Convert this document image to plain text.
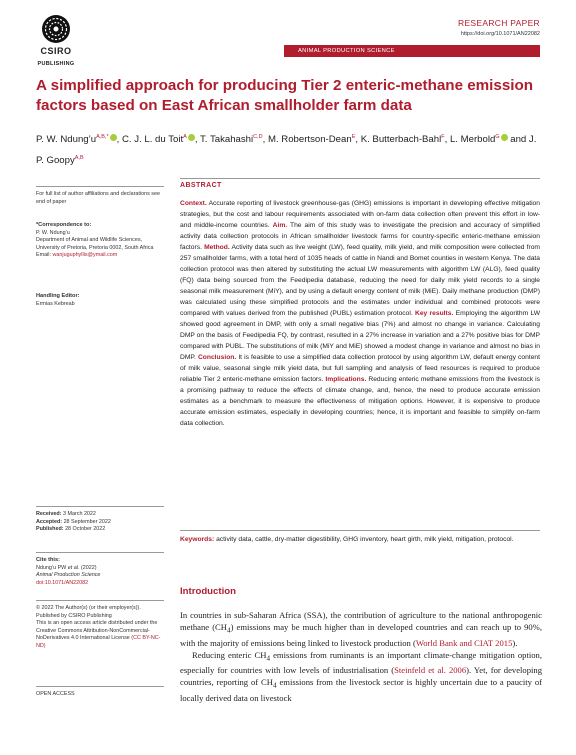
CSIRO
PUBLISHING
RESEARCH PAPER
https://doi.org/10.1071/AN22082
ANIMAL PRODUCTION SCIENCE
A simplified approach for producing Tier 2 enteric-methane emission factors based on East African smallholder farm data
P. W. $Ndung’u^{A,B,*}$ , C. J. L. du Toit$^A$ , T. Takahashi$^{C,D}$, M. Robertson-Dean$^E$, K. Butterbach-Bahl$^F$, L. Merbold$^G$ and J. P. Goopy$^{A,B}$
For full list of author affiliations and declarations see end of paper
*Correspondence to:
P. W. Ndung’u
Department of Animal and Wildlife Sciences, University of Pretoria, Pretoria 0002, South Africa
Email: wanjuguphyllis@ymail.com
Handling Editor:
Ermias Kebreab
Received: 3 March 2022
Accepted: 28 September 2022
Published: 28 October 2022
Cite this:
Ndung’u PW et al. (2022)
Animal Production Science
doi:10.1071/AN22082
© 2022 The Author(s) (or their employer(s)). Published by CSIRO Publishing
This is an open access article distributed under the Creative Commons Attribution-NonCommercial-NoDerivatives 4.0 International License (CC BY-NC-ND)
OPEN ACCESS
ABSTRACT
Context. Accurate reporting of livestock greenhouse-gas (GHG) emissions is important in developing effective mitigation strategies, but the cost and labour requirements associated with on-farm data collection often prevent this effort in low- and middle-income countries. Aim. The aim of this study was to investigate the precision and accuracy of simplified activity data collection protocols in African smallholder livestock farms for country-specific enteric-methane emission factors. Method. Activity data such as live weight (LW), feed quality, milk yield, and milk composition were collected from 257 smallholder farms, with a total herd of 1035 heads of cattle in Nandi and Bomet counties in western Kenya. The data collection protocol was then altered by substituting the actual LW measurements with algorithm LW (ALG), feed quality (FQ) data being sourced from the Feedipedia database, reducing the need for daily milk yield records to a single seasonal milk measurement (MiY), and by using a default energy content of milk (MiE). Daily methane production (DMP) was calculated using these simplified protocols and the estimates under individual and combined protocols were compared with values derived from the published (PUBL) estimation protocol. Key results. Employing the algorithm LW showed good agreement in DMP, with only a small negative bias (7%) and almost no change in variance. Calculating DMP on the basis of Feedipedia FQ, by contrast, resulted in a 27% increase in variation and a 27% positive bias for DMP compared with PUBL. The substitutions of milk (MiY and MiE) showed a modest change in variance and almost no bias in DMP. Conclusion. It is feasible to use a simplified data collection protocol by using algorithm LW, default energy content of milk value, seasonal single milk yield data, but full sampling and analysis of feed resources is required to produce reliable Tier 2 enteric-methane emission factors. Implications. Reducing enteric methane emissions from the livestock is a promising pathway to reduce the effects of climate change, and, hence, the need to produce accurate emission estimates as a benchmark to measure the effectiveness of mitigation options. However, it is expensive to produce accurate emission estimates, especially in developing countries; hence, it is important and feasible to simplify on-farm data collection.
Keywords: activity data, cattle, dry-matter digestibility, GHG inventory, heart girth, milk yield, mitigation, protocol.
Introduction

In countries in sub-Saharan Africa (SSA), the contribution of agriculture to the national anthropogenic methane $(CH_4)$ emissions may be much higher than in developed countries and can reach up to 90%, with the majority of emissions being linked to livestock production (World Bank and CIAT 2015).

Reducing enteric $CH_4$ emissions from ruminants is an important climate-change mitigation option, especially for countries with low levels of industrialisation (Steinfeld et al. 2006). Yet, for developing countries, reporting of $CH_4$ emissions from the livestock sector is highly uncertain due to a paucity of locally derived data on livestock
